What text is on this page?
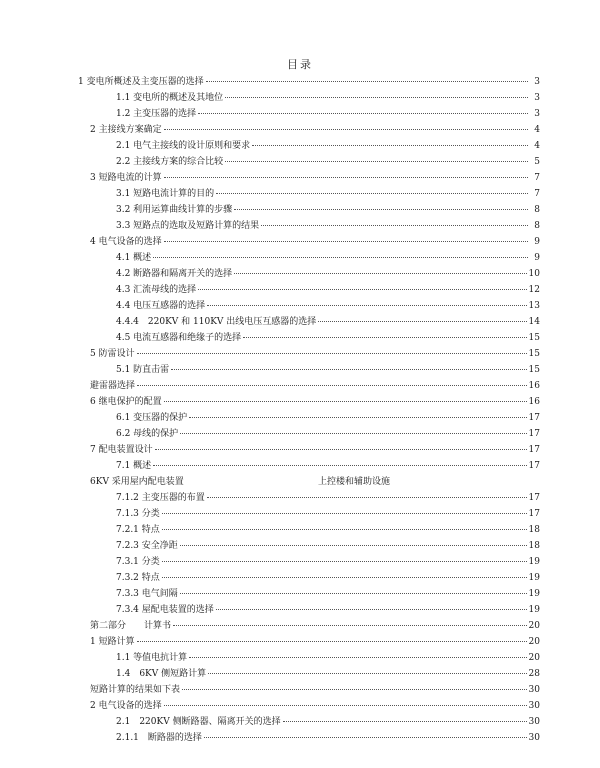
目录
1 变电所概述及主变压器的选择	3
1.1 变电所的概述及其地位	3
1.2 主变压器的选择	3
2 主接线方案确定	4
2.1 电气主接线的设计原则和要求	4
2.2 主接线方案的综合比较	5
3 短路电流的计算	7
3.1 短路电流计算的目的	7
3.2 利用运算曲线计算的步骤	8
3.3 短路点的选取及短路计算的结果	8
4 电气设备的选择	9
4.1 概述	9
4.2 断路器和隔离开关的选择	10
4.3 汇流母线的选择	12
4.4 电压互感器的选择	13
4.4.4　220KV 和 110KV 出线电压互感器的选择	14
4.5 电流互感器和绝缘子的选择	15
5 防雷设计	15
5.1 防直击雷	15
避雷器选择	16
6 继电保护的配置	16
6.1 变压器的保护	17
6.2 母线的保护	17
7 配电装置设计	17
7.1 概述	17
6KV 采用屋内配电装置	上控楼和辅助设施
7.1.2 主变压器的布置	17
7.1.3 分类	17
7.2.1 特点	18
7.2.3 安全净距	18
7.3.1 分类	19
7.3.2 特点	19
7.3.3 电气间隔	19
7.3.4 屋配电装置的选择	19
第二部分　　计算书	20
1 短路计算	20
1.1 等值电抗计算	20
1.4　6KV 侧短路计算	28
短路计算的结果如下表	30
2 电气设备的选择	30
2.1　220KV 侧断路器、隔离开关的选择	30
2.1.1　断路器的选择	30
